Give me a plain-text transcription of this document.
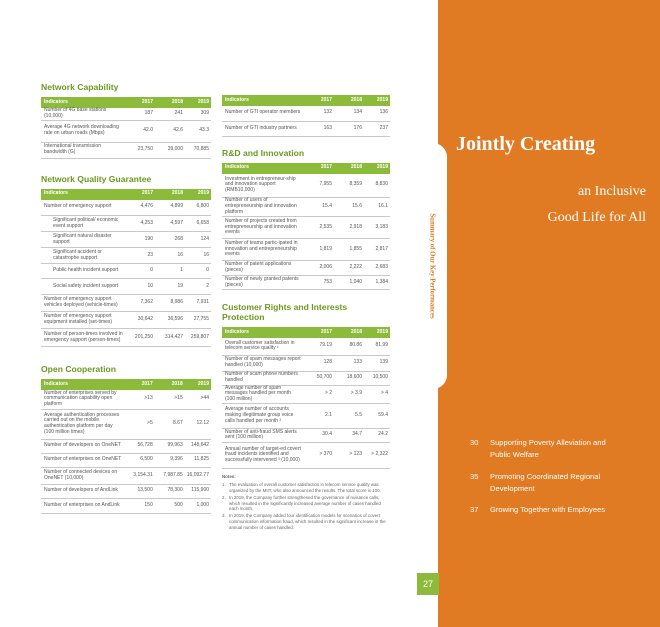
Network Capability
Indicators	2017	2018	2019
Number of 4G base stations (10,000)	187	241	309
Average 4G network downloading rate on urban roads (Mbps)	42.0	42.6	43.3
International transmission bandwidth (G)	23,750	39,000	70,885
Network Quality Guarantee
Indicators	2017	2018	2019
Number of emergency support	4,476	4,899	6,800
Significant political/ economic event support	4,253	4,597	6,658
Significant natural disaster support	190	268	124
Significant accident or catastrophe support	23	16	16
Public health incident support	0	1	0
Social safety incident support	10	19	2
Number of emergency support vehicles deployed (vehicle-times)	7,362	8,986	7,931
Number of emergency support equipment installed (set-times)	30,642	36,596	27,755
Number of person-times involved in emergency support (person-times)	201,250	314,427	259,807
Open Cooperation
Indicators	2017	2018	2019
Number of enterprises served by communication capability open platform	>13	>15	>44
Average authentication processes carried out on the mobile authentication platform per day (100 million times)	>5	8.67	12.12
Number of developers on OneNET	56,728	99,963	148,642
Number of enterprises on OneNET	6,500	9,396	11,825
Number of connected devices on OneNET (10,000)	3,154.31	7,987.85	16,092.77
Number of developers of AndLink	13,500	78,300	115,900
Number of enterprises on AndLink	150	500	1,000
Indicators	2017	2018	2019
Number of GTI operator members	132	134	136
Number of GTI industry partners	163	176	237
R&D and Innovation
Indicators	2017	2018	2019
Investment in entrepreneur-ship and innovation support (RMB10,000)	7,955	8,359	8,830
Number of users of entrepreneurship and innovation platform	15.4	15.6	16.1
Number of projects created from entrepreneurship and innovation events	2,535	2,918	3,183
Number of teams partic-ipated in innovation and entrepreneurship events	1,819	1,855	2,817
Number of patent applications (pieces)	2,006	2,222	2,683
Number of newly granted patents (pieces)	753	1,040	1,384
Customer Rights and Interests Protection
Indicators	2017	2018	2019
Overall customer satisfaction in telecom service quality ¹	79.19	80.86	81.99
Number of spam messages report handled (10,000)	128	133	139
Number of scam phone numbers handled	50,700	18,600	10,500
Average number of spam messages handled per month (100 million)	> 2	> 3.9	> 4
Average number of accounts making illegitimate group voice calls handled per month ²	2.1	5.5	59.4
Number of anti-fraud SMS alerts sent (100 million)	30.4	34.7	24.2
Annual number of target-ed covert fraud incidents identified and successfully intervened ³ (10,000)	> 370	> 123	> 2,322
Notes:
1. The evaluation of overall customer satisfaction in telecom service quality was organized by the MIIT, who also announced the results. The total score is 100.
2. In 2019, the Company further strengthened the governance of nuisance calls, which resulted in the significantly increased average number of cases handled each month.
3. In 2019, the Company added four identification models for scenarios of covert communication information fraud, which resulted in the significant increase in the annual number of cases handled.
Summary of Our Key Performances
Jointly Creating
an Inclusive
Good Life for All
30	Supporting Poverty Alleviation and Public Welfare
35	Promoting Coordinated Regional Development
37	Growing Together with Employees
27
